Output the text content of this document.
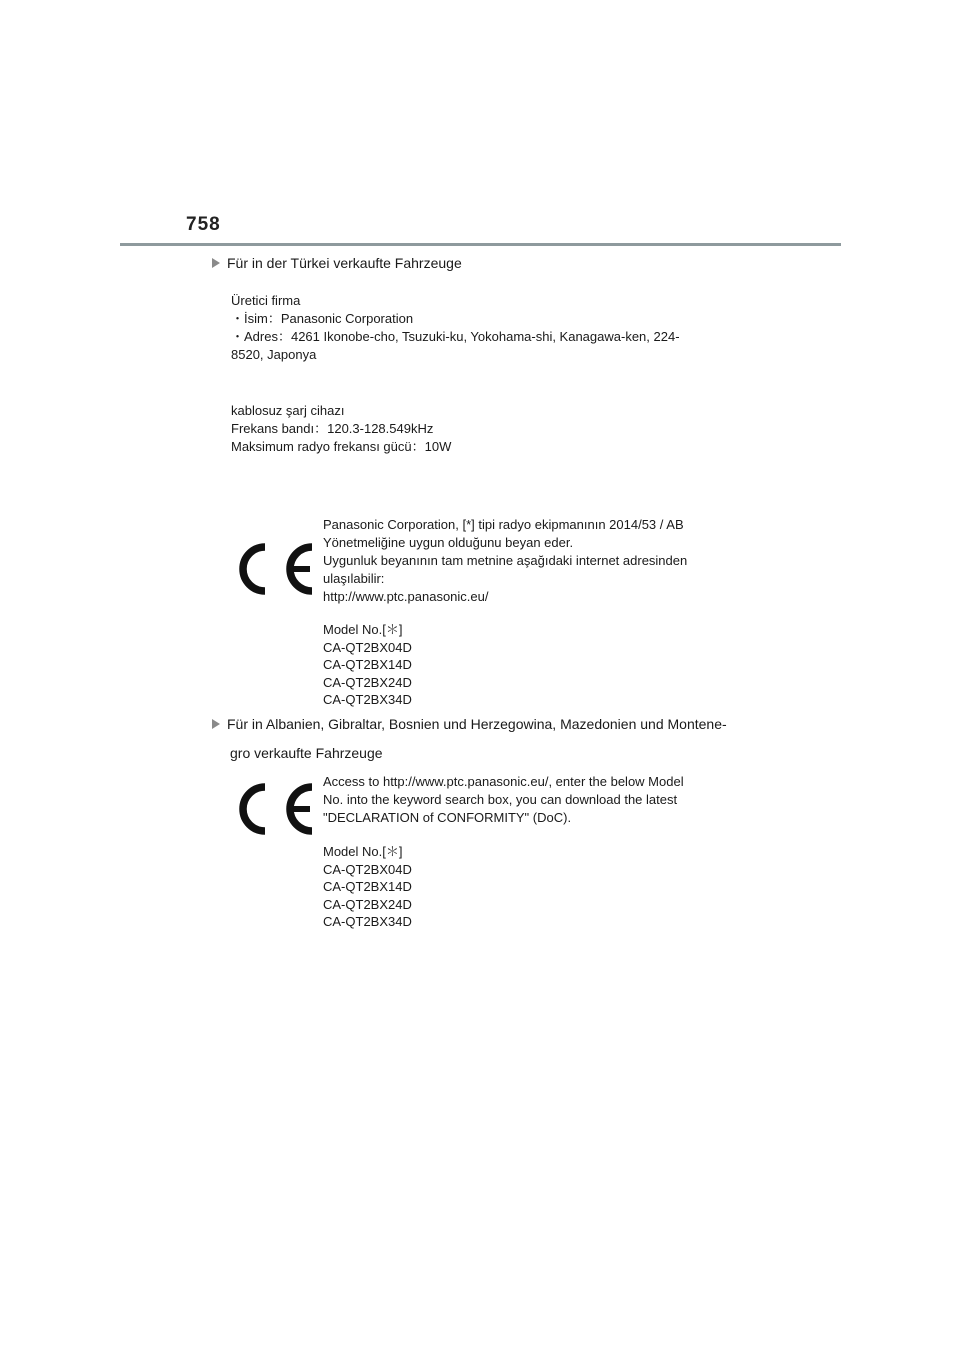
758
Für in der Türkei verkaufte Fahrzeuge
Üretici firma
・İsim：Panasonic Corporation
・Adres：4261 Ikonobe-cho, Tsuzuki-ku, Yokohama-shi, Kanagawa-ken, 224-
8520, Japonya
kablosuz şarj cihazı
Frekans bandı：120.3-128.549kHz
Maksimum radyo frekansı gücü：10W
Panasonic Corporation, [*] tipi radyo ekipmanının 2014/53 / AB
Yönetmeliğine uygun olduğunu beyan eder.
Uygunluk beyanının tam metnine aşağıdaki internet adresinden
ulaşılabilir:
http://www.ptc.panasonic.eu/
Model No.[＊]
CA-QT2BX04D
CA-QT2BX14D
CA-QT2BX24D
CA-QT2BX34D
Für in Albanien, Gibraltar, Bosnien und Herzegowina, Mazedonien und Montene-
gro verkaufte Fahrzeuge
Access to http://www.ptc.panasonic.eu/, enter the below Model
No. into the keyword search box, you can download the latest
"DECLARATION of CONFORMITY" (DoC).
Model No.[＊]
CA-QT2BX04D
CA-QT2BX14D
CA-QT2BX24D
CA-QT2BX34D
